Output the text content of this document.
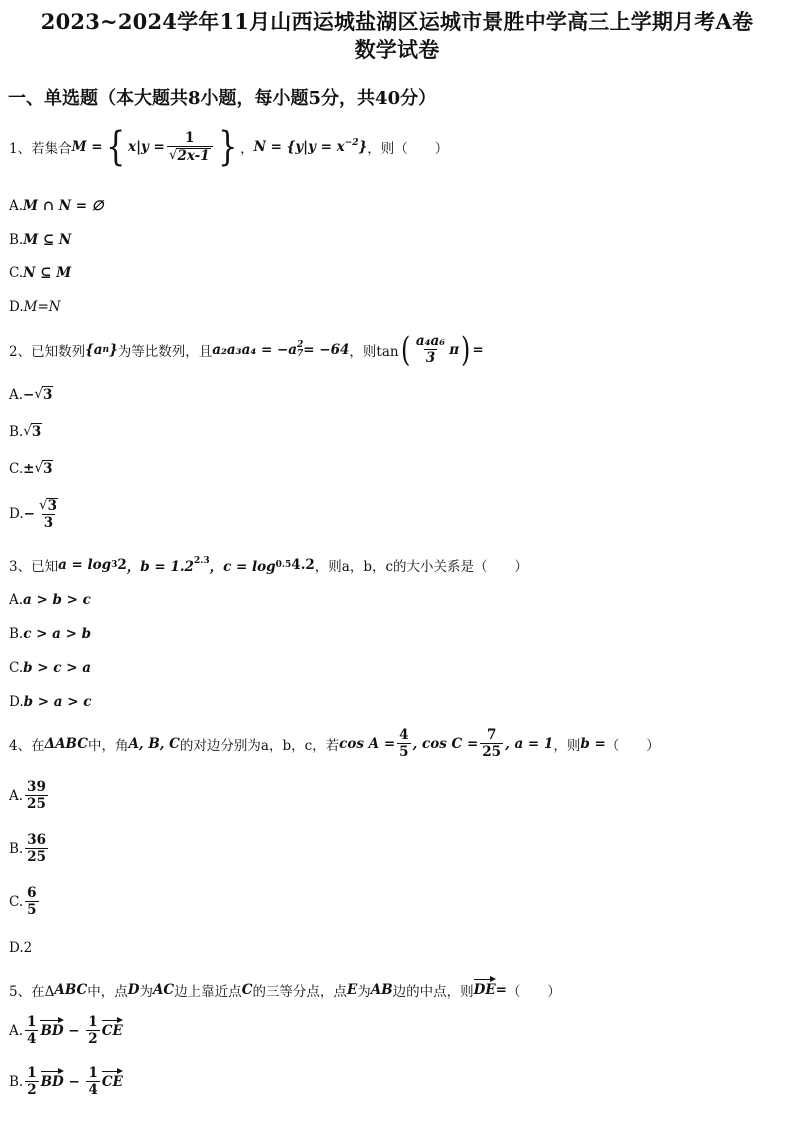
2023~2024学年11月山西运城盐湖区运城市景胜中学高三上学期月考A卷
数学试卷
一、单选题（本大题共8小题，每小题5分，共40分）
1、若集合 M = { $x|y = \frac{1}{√ 2x-1}$ } ， $N = \{y|y = x^{-2}$ } ，则（　　）
A. M ∩ N = ∅
B. M ⊆ N
C. N ⊆ M
D. M=N
2、已知数列 {a n } 为等比数列，且 a₂a₃a₄ = −a 2
7 = −64 ，则tan ( $\frac{\text{a₄a₆}}{3}$ π ) =
A. − √ 3
B. √ 3
C. ± √ 3
D. − $\frac{√ 3}{3}$
3、已知 a = log 3 2 ，$b = 1.2^{2.3}$ ，c = log 0.5 4.2 ，则a，b，c的大小关系是（　　）
A. a > b > c
B. c > a > b
C. b > c > a
D. b > a > c
4、在 ΔABC 中，角 A, B, C 的对边分别为a，b，c，若 $\cos A = \frac{4}{5}$ , $\cos C = \frac{7}{25}$ , a = 1 ，则 b = （　　）
A. $\frac{39}{25}$
B. $\frac{36}{25}$
C. $\frac{6}{5}$
D. 2
5、在Δ ABC 中，点 D 为 AC 边上靠近点 C 的三等分点，点 E 为 AB 边的中点，则 DE = （　　）
A. $\frac{1}{4}$ BD − $\frac{1}{2}$ CE
B. $\frac{1}{2}$ BD − $\frac{1}{4}$ CE
